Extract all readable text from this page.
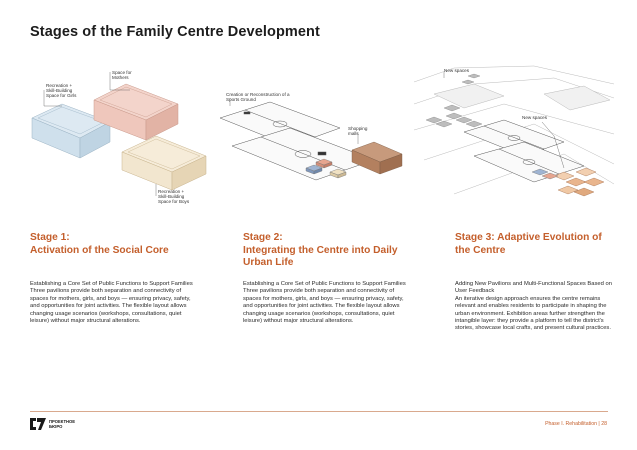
Stages of the Family Centre Development
Recreation + Skill-Building Space for Girls
Space for Mothers
Recreation + Skill-Building Space for Boys
Creation or Reconstruction of a Sports Ground
Shopping malls
New spaces
New spaces
Stage 1:
Activation of the Social Core
Stage 2:
Integrating the Centre into Daily Urban Life
Stage 3: Adaptive Evolution of the Centre
Establishing a Core Set of Public Functions to Support Families
Three pavilions provide both separation and connectivity of spaces for mothers, girls, and boys — ensuring privacy, safety, and opportunities for joint activities. The flexible layout allows changing usage scenarios (workshops, consultations, quiet leisure) without major structural alterations.
Establishing a Core Set of Public Functions to Support Families
Three pavilions provide both separation and connectivity of spaces for mothers, girls, and boys — ensuring privacy, safety, and opportunities for joint activities. The flexible layout allows changing usage scenarios (workshops, consultations, quiet leisure) without major structural alterations.
Adding New Pavilions and Multi-Functional Spaces Based on User Feedback
An iterative design approach ensures the centre remains relevant and enables residents to participate in shaping the urban environment. Exhibition areas further strengthen the intangible layer: they provide a platform to tell the district's stories, showcase local crafts, and present cultural practices.
ПРОЕКТНОЕ
БЮРО	Phase I. Rehabilitation | 28
